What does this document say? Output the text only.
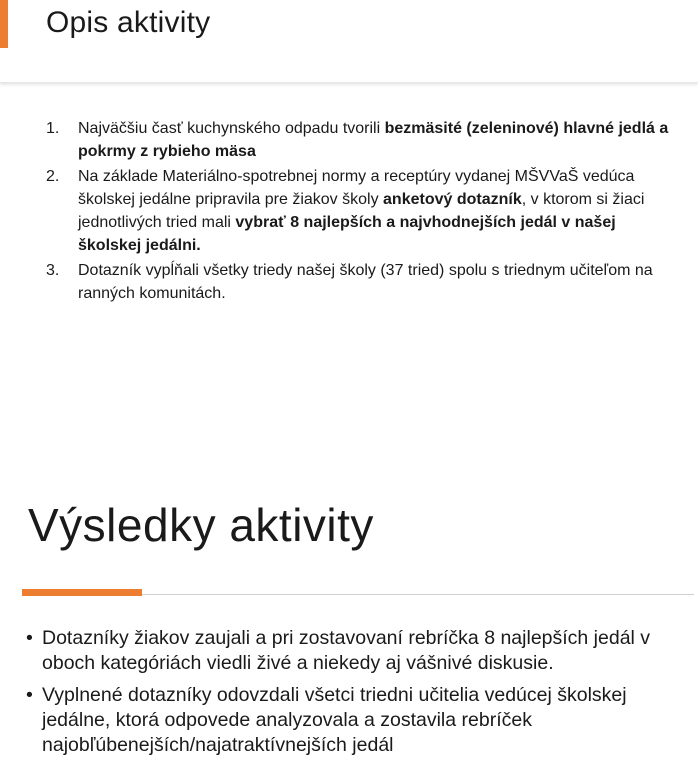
Opis aktivity
1. Najväčšiu časť kuchynského odpadu tvorili bezmäsité (zeleninové) hlavné jedlá a pokrmy z rybieho mäsa
2. Na základe Materiálno-spotrebnej normy a receptúry vydanej MŠVVaŠ vedúca školskej jedálne pripravila pre žiakov školy anketový dotazník, v ktorom si žiaci jednotlivých tried mali vybrať 8 najlepších a najvhodnejších jedál v našej školskej jedálni.
3. Dotazník vypĺňali všetky triedy našej školy (37 tried) spolu s triednym učiteľom na ranných komunitách.
Výsledky aktivity
• Dotazníky žiakov zaujali a pri zostavovaní rebríčka 8 najlepších jedál v oboch kategóriách viedli živé a niekedy aj vášnivé diskusie.
• Vyplnené dotazníky odovzdali všetci triedni učitelia vedúcej školskej jedálne, ktorá odpovede analyzovala a zostavila rebríček najobľúbenejších/najatraktívnejších jedál
